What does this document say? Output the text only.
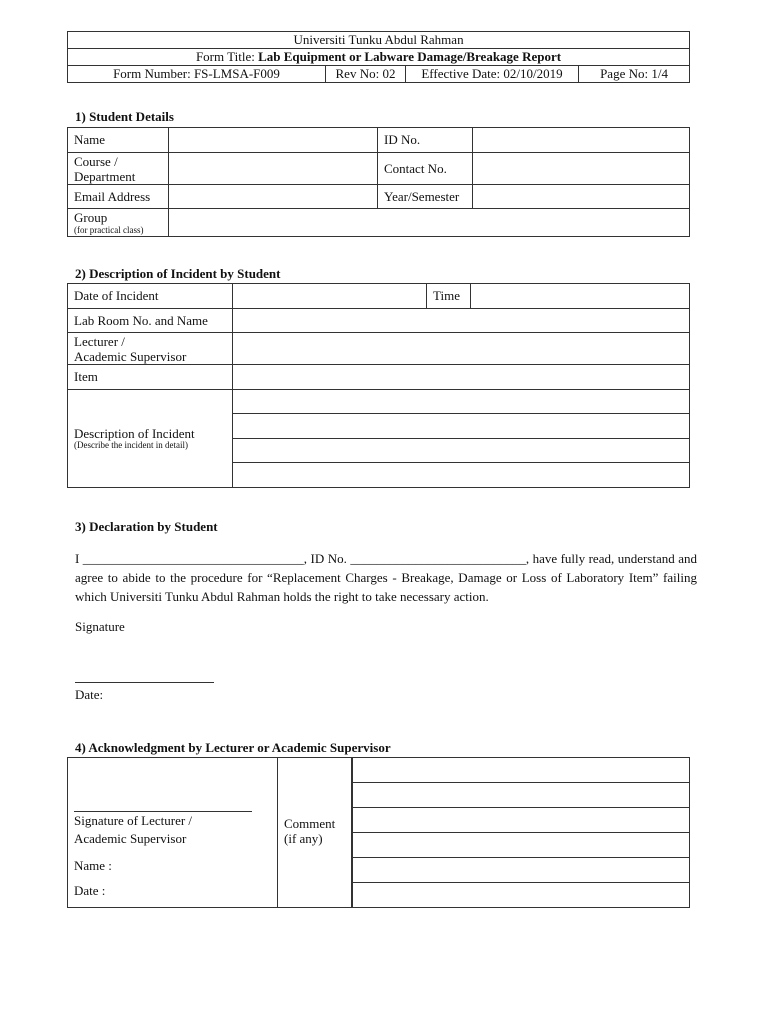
Universiti Tunku Abdul Rahman
Form Title: Lab Equipment or Labware Damage/Breakage Report
Form Number: FS-LMSA-F009	Rev No: 02	Effective Date: 02/10/2019	Page No: 1/4
1) Student Details
Name		ID No.	
Course / Department		Contact No.	
Email Address		Year/Semester	
Group
(for practical class)			

2) Description of Incident by Student
Date of Incident		Time	
Lab Room No. and Name			
Lecturer /
Academic Supervisor			
Item			
Description of Incident
(Describe the incident in detail)			

3) Declaration by Student
I __________________________________, ID No. ___________________________, have fully read, understand and agree to abide to the procedure for “Replacement Charges - Breakage, Damage or Loss of Laboratory Item” failing which Universiti Tunku Abdul Rahman holds the right to take necessary action.
Signature
Date:
4) Acknowledgment by Lecturer or Academic Supervisor
Signature of Lecturer /
Academic Supervisor
Name :
Date :
	Comment
(if any)	
